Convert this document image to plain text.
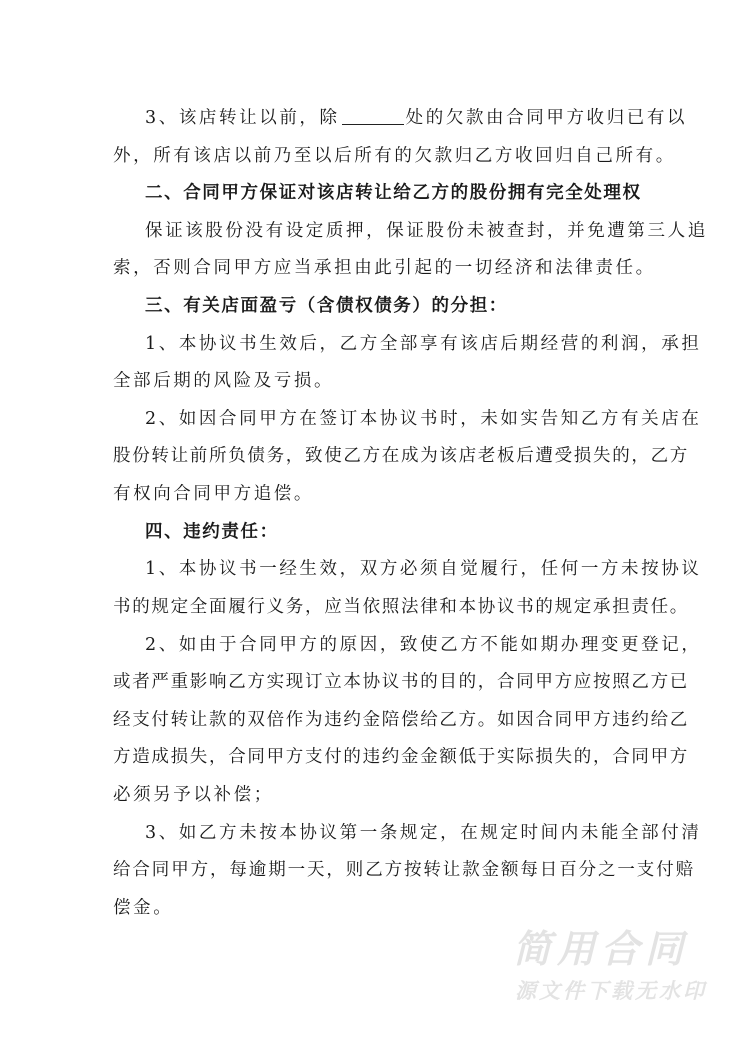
3、该店转让以前，除	处的欠款由合同甲方收归已有以
外，所有该店以前乃至以后所有的欠款归乙方收回归自己所有。
二、合同甲方保证对该店转让给乙方的股份拥有完全处理权
保证该股份没有设定质押，保证股份未被查封，并免遭第三人追
索，否则合同甲方应当承担由此引起的一切经济和法律责任。
三、有关店面盈亏（含债权债务）的分担：
1、本协议书生效后，乙方全部享有该店后期经营的利润，承担
全部后期的风险及亏损。
2、如因合同甲方在签订本协议书时，未如实告知乙方有关店在
股份转让前所负债务，致使乙方在成为该店老板后遭受损失的，乙方
有权向合同甲方追偿。
四、违约责任：
1、本协议书一经生效，双方必须自觉履行，任何一方未按协议
书的规定全面履行义务，应当依照法律和本协议书的规定承担责任。
2、如由于合同甲方的原因，致使乙方不能如期办理变更登记，
或者严重影响乙方实现订立本协议书的目的，合同甲方应按照乙方已
经支付转让款的双倍作为违约金陪偿给乙方。如因合同甲方违约给乙
方造成损失，合同甲方支付的违约金金额低于实际损失的，合同甲方
必须另予以补偿；
3、如乙方未按本协议第一条规定，在规定时间内未能全部付清
给合同甲方，每逾期一天，则乙方按转让款金额每日百分之一支付赔
偿金。
简用合同
源文件下载无水印
